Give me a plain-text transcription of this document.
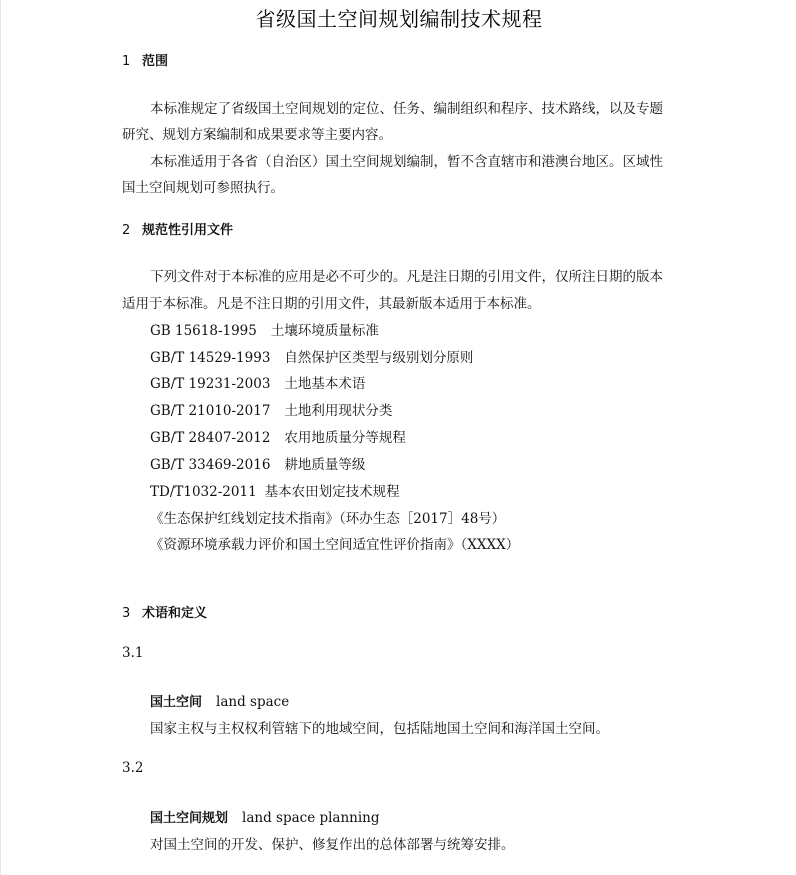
省级国土空间规划编制技术规程
1 范围
本标准规定了省级国土空间规划的定位、任务、编制组织和程序、技术路线，以及专题
研究、规划方案编制和成果要求等主要内容。
本标准适用于各省（自治区）国土空间规划编制，暂不含直辖市和港澳台地区。区域性
国土空间规划可参照执行。
2 规范性引用文件
下列文件对于本标准的应用是必不可少的。凡是注日期的引用文件，仅所注日期的版本
适用于本标准。凡是不注日期的引用文件，其最新版本适用于本标准。
GB 15618-1995 土壤环境质量标准
GB/T 14529-1993 自然保护区类型与级别划分原则
GB/T 19231-2003 土地基本术语
GB/T 21010-2017 土地利用现状分类
GB/T 28407-2012 农用地质量分等规程
GB/T 33469-2016 耕地质量等级
TD/T1032-2011 基本农田划定技术规程
《生态保护红线划定技术指南》（环办生态［2017］48号）
《资源环境承载力评价和国土空间适宜性评价指南》（XXXX）
3 术语和定义
3.1
国土空间 land space
国家主权与主权权利管辖下的地域空间，包括陆地国土空间和海洋国土空间。
3.2
国土空间规划 land space planning
对国土空间的开发、保护、修复作出的总体部署与统筹安排。
